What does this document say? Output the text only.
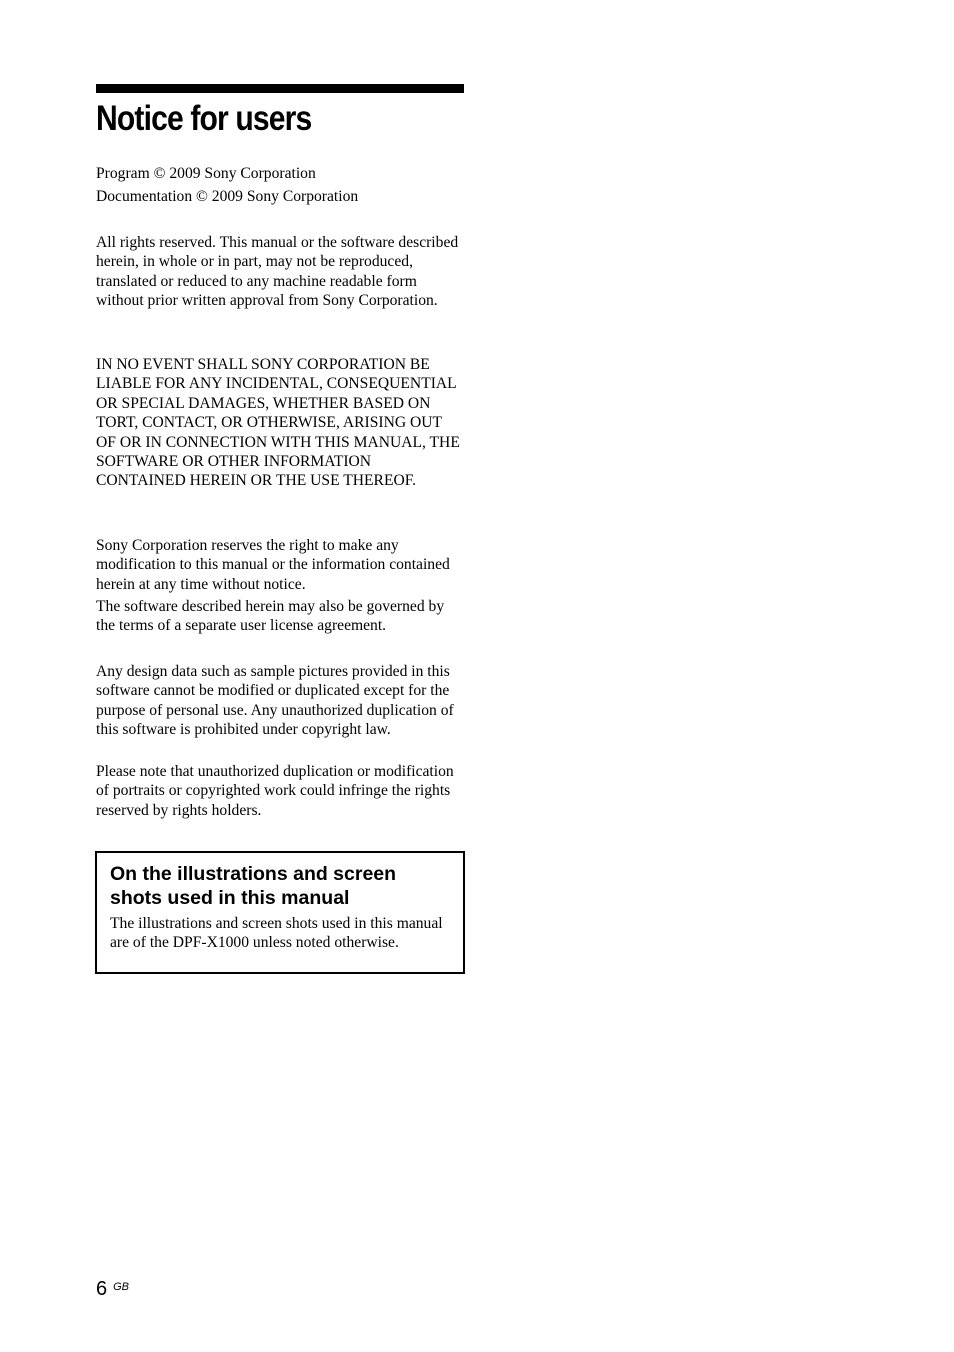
Notice for users

Program © 2009 Sony Corporation

Documentation © 2009 Sony Corporation

All rights reserved. This manual or the software described herein, in whole or in part, may not be reproduced, translated or reduced to any machine readable form without prior written approval from Sony Corporation.

IN NO EVENT SHALL SONY CORPORATION BE LIABLE FOR ANY INCIDENTAL, CONSEQUENTIAL OR SPECIAL DAMAGES, WHETHER BASED ON TORT, CONTACT, OR OTHERWISE, ARISING OUT OF OR IN CONNECTION WITH THIS MANUAL, THE SOFTWARE OR OTHER INFORMATION CONTAINED HEREIN OR THE USE THEREOF.

Sony Corporation reserves the right to make any modification to this manual or the information contained herein at any time without notice.

The software described herein may also be governed by the terms of a separate user license agreement.

Any design data such as sample pictures provided in this software cannot be modified or duplicated except for the purpose of personal use. Any unauthorized duplication of this software is prohibited under copyright law.

Please note that unauthorized duplication or modification of portraits or copyrighted work could infringe the rights reserved by rights holders.

On the illustrations and screen shots used in this manual

The illustrations and screen shots used in this manual are of the DPF-X1000 unless noted otherwise.

6 $^{GB}$
